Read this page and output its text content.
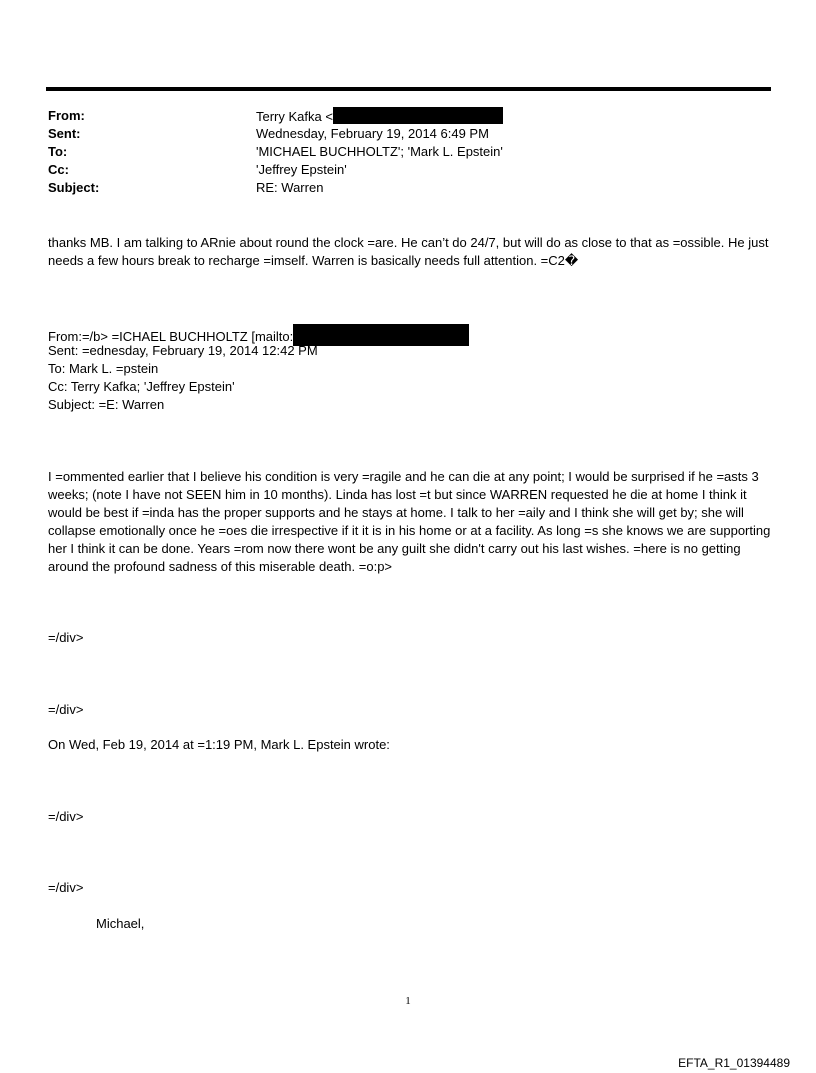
From:	Terry Kafka <
Sent:	Wednesday, February 19, 2014 6:49 PM
To:	'MICHAEL BUCHHOLTZ'; 'Mark L. Epstein'
Cc:	'Jeffrey Epstein'
Subject:	RE: Warren

thanks MB. I am talking to ARnie about round the clock =are. He can’t do 24/7, but will do as close to that as =ossible. He just needs a few hours break to recharge =imself. Warren is basically needs full attention. =C2�

From:=/b> =ICHAEL BUCHHOLTZ [mailto:
Sent: =ednesday, February 19, 2014 12:42 PM
To: Mark L. =pstein
Cc: Terry Kafka; 'Jeffrey Epstein'
Subject: =E: Warren

I =ommented earlier that I believe his condition is very =ragile and he can die at any point; I would be surprised if he =asts 3 weeks; (note I have not SEEN him in 10 months). Linda has lost =t but since WARREN requested he die at home I think it would be best if =inda has the proper supports and he stays at home. I talk to her =aily and I think she will get by; she will collapse emotionally once he =oes die irrespective if it it is in his home or at a facility. As long =s she knows we are supporting her I think it can be done. Years =rom now there wont be any guilt she didn't carry out his last wishes. =here is no getting around the profound sadness of this miserable death. =o:p>

=/div>
=/div>
On Wed, Feb 19, 2014 at =1:19 PM, Mark L. Epstein wrote:
=/div>
=/div>
Michael,
1
EFTA_R1_01394489
